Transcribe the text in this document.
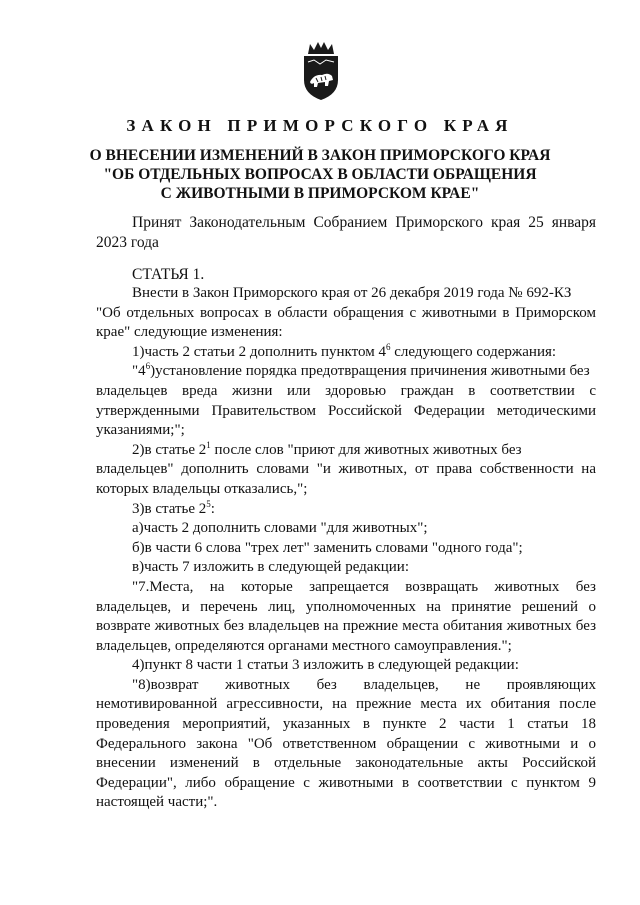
ЗАКОН ПРИМОРСКОГО КРАЯ
О ВНЕСЕНИИ ИЗМЕНЕНИЙ В ЗАКОН ПРИМОРСКОГО КРАЯ
"ОБ ОТДЕЛЬНЫХ ВОПРОСАХ В ОБЛАСТИ ОБРАЩЕНИЯ
С ЖИВОТНЫМИ В ПРИМОРСКОМ КРАЕ"
Принят Законодательным Собранием Приморского края 25 января
2023 года
СТАТЬЯ 1.
Внести в Закон Приморского края от 26 декабря 2019 года № 692-КЗ
"Об отдельных вопросах в области обращения с животными в Приморском
крае" следующие изменения:
1)часть 2 статьи 2 дополнить пунктом $4^6$ следующего содержания:
"$4^6)установление$ порядка предотвращения причинения животными без
владельцев вреда жизни или здоровью граждан в соответствии с
утвержденными Правительством Российской Федерации методическими
указаниями;";
2)в статье $2^1$ после слов "приют для животных животных без
владельцев" дополнить словами "и животных, от права собственности на
которых владельцы отказались,";
3)в статье $2^5$:
а)часть 2 дополнить словами "для животных";
б)в части 6 слова "трех лет" заменить словами "одного года";
в)часть 7 изложить в следующей редакции:
"7.Места, на которые запрещается возвращать животных без
владельцев, и перечень лиц, уполномоченных на принятие решений о
возврате животных без владельцев на прежние места обитания животных без
владельцев, определяются органами местного самоуправления.";
4)пункт 8 части 1 статьи 3 изложить в следующей редакции:
"8)возврат животных без владельцев, не проявляющих
немотивированной агрессивности, на прежние места их обитания после
проведения мероприятий, указанных в пункте 2 части 1 статьи 18
Федерального закона "Об ответственном обращении с животными и о
внесении изменений в отдельные законодательные акты Российской
Федерации", либо обращение с животными в соответствии с пунктом 9
настоящей части;".
